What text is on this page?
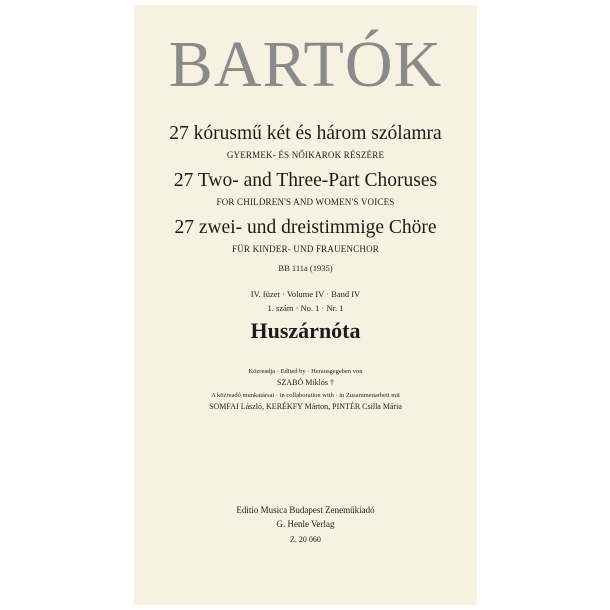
BARTÓK
27 kórusmű két és három szólamra
GYERMEK- ÉS NŐIKAROK RÉSZÉRE
27 Two- and Three-Part Choruses
FOR CHILDREN'S AND WOMEN'S VOICES
27 zwei- und dreistimmige Chöre
FÜR KINDER- UND FRAUENCHOR
BB 111a (1935)
IV. füzet · Volume IV · Band IV
1. szám · No. 1 · Nr. 1
Huszárnóta
Közreadja · Edited by · Herausgegeben von
SZABÓ Miklós †
A közreadó munkatársai · in collaboration with · in Zusammenarbeit mit
SOMFAI László, KERÉKFY Márton, PINTÉR Csilla Mária
Editio Musica Budapest Zeneműkiadó
G. Henle Verlag
Z. 20 060
